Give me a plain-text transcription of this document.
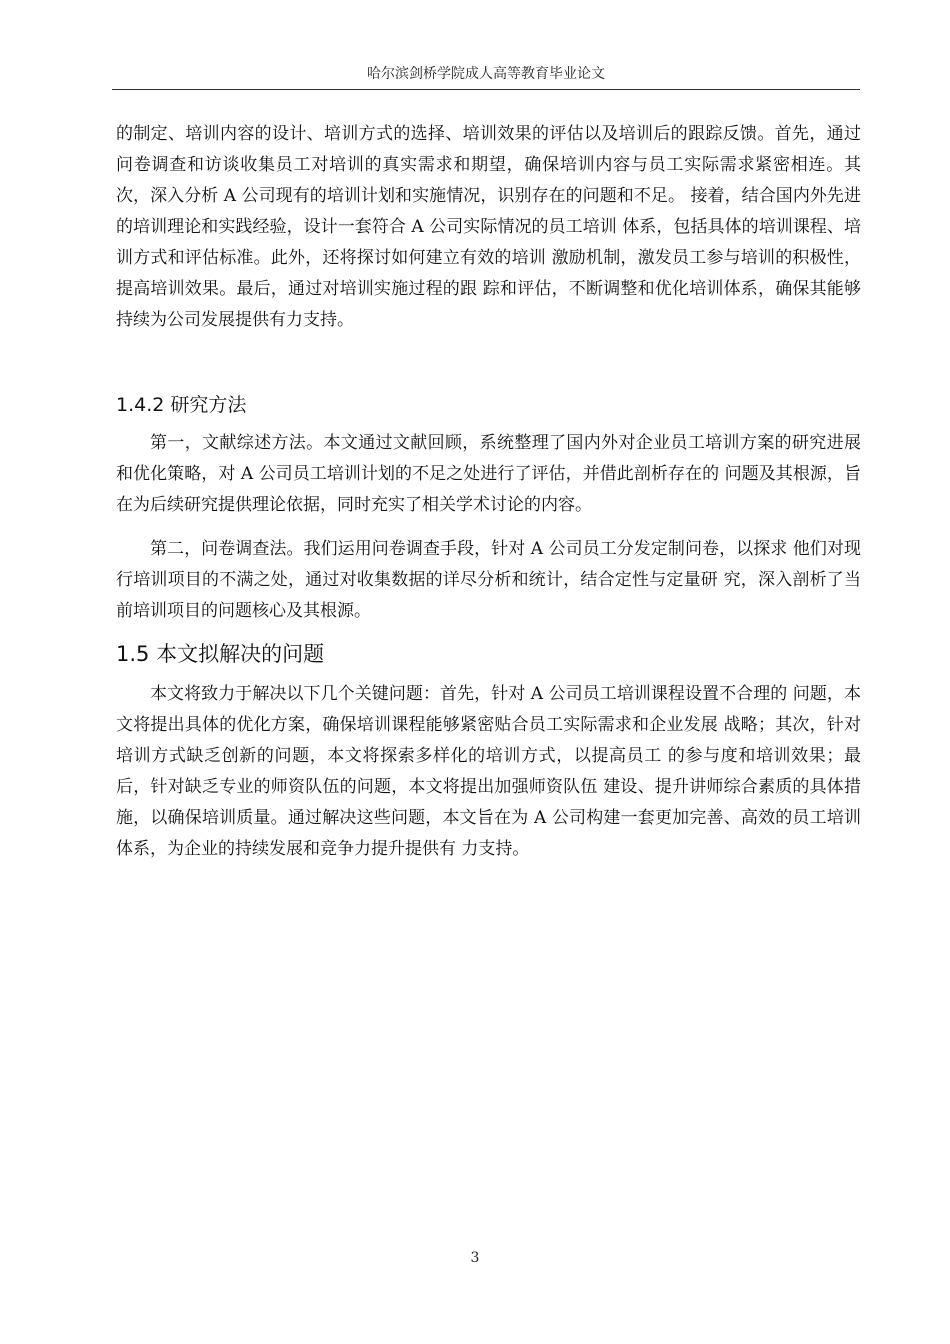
哈尔滨剑桥学院成人高等教育毕业论文

的制定、培训内容的设计、培训方式的选择、培训效果的评估以及培训后的跟踪反馈。首先，通过问卷调查和访谈收集员工对培训的真实需求和期望，确保培训内容与员工实际需求紧密相连。其次，深入分析 A 公司现有的培训计划和实施情况，识别存在的问题和不足。 接着，结合国内外先进的培训理论和实践经验，设计一套符合 A 公司实际情况的员工培训 体系，包括具体的培训课程、培训方式和评估标准。此外，还将探讨如何建立有效的培训 激励机制，激发员工参与培训的积极性，提高培训效果。最后，通过对培训实施过程的跟 踪和评估，不断调整和优化培训体系，确保其能够持续为公司发展提供有力支持。

1.4.2 研究方法

第一，文献综述方法。本文通过文献回顾，系统整理了国内外对企业员工培训方案的研究进展和优化策略，对 A 公司员工培训计划的不足之处进行了评估，并借此剖析存在的 问题及其根源，旨在为后续研究提供理论依据，同时充实了相关学术讨论的内容。

第二，问卷调查法。我们运用问卷调查手段，针对 A 公司员工分发定制问卷，以探求 他们对现行培训项目的不满之处，通过对收集数据的详尽分析和统计，结合定性与定量研 究，深入剖析了当前培训项目的问题核心及其根源。

1.5 本文拟解决的问题

本文将致力于解决以下几个关键问题：首先，针对 A 公司员工培训课程设置不合理的 问题，本文将提出具体的优化方案，确保培训课程能够紧密贴合员工实际需求和企业发展 战略；其次，针对培训方式缺乏创新的问题，本文将探索多样化的培训方式，以提高员工 的参与度和培训效果；最后，针对缺乏专业的师资队伍的问题，本文将提出加强师资队伍 建设、提升讲师综合素质的具体措施，以确保培训质量。通过解决这些问题，本文旨在为 A 公司构建一套更加完善、高效的员工培训体系，为企业的持续发展和竞争力提升提供有 力支持。

3
